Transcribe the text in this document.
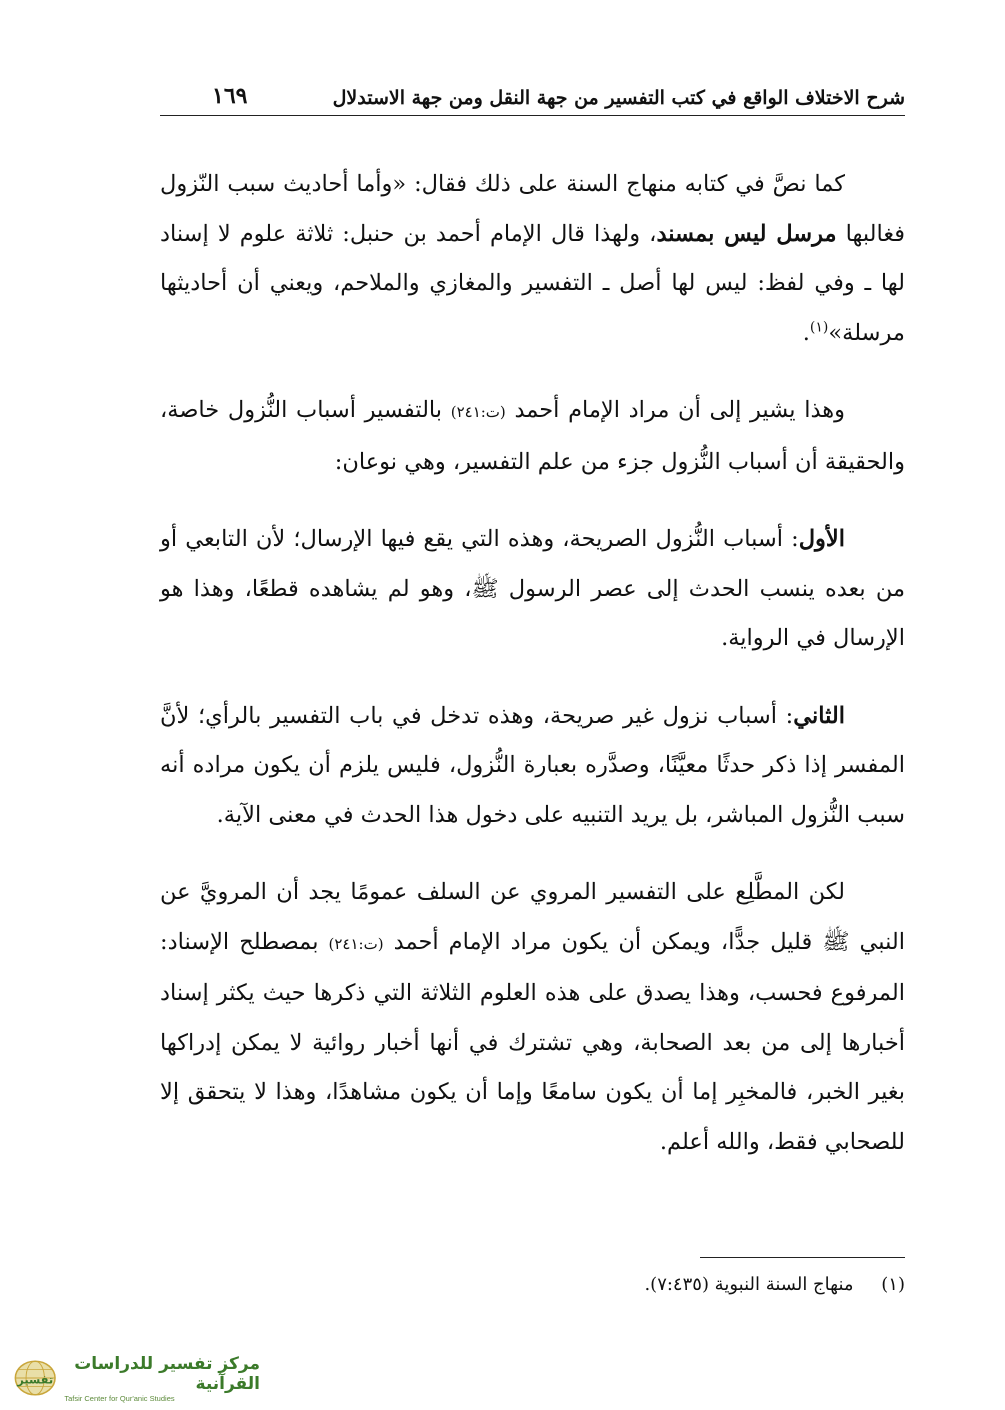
شرح الاختلاف الواقع في كتب التفسير من جهة النقل ومن جهة الاستدلال
١٦٩

كما نصَّ في كتابه منهاج السنة على ذلك فقال: «وأما أحاديث سبب النّزول فغالبها مرسل ليس بمسند، ولهذا قال الإمام أحمد بن حنبل: ثلاثة علوم لا إسناد لها ـ وفي لفظ: ليس لها أصل ـ التفسير والمغازي والملاحم، ويعني أن أحاديثها مرسلة»$^{(١)}$.

وهذا يشير إلى أن مراد الإمام أحمد (ت:٢٤١) بالتفسير أسباب النُّزول خاصة، والحقيقة أن أسباب النُّزول جزء من علم التفسير، وهي نوعان:

الأول: أسباب النُّزول الصريحة، وهذه التي يقع فيها الإرسال؛ لأن التابعي أو من بعده ينسب الحدث إلى عصر الرسول ﷺ، وهو لم يشاهده قطعًا، وهذا هو الإرسال في الرواية.

الثاني: أسباب نزول غير صريحة، وهذه تدخل في باب التفسير بالرأي؛ لأنَّ المفسر إذا ذكر حدثًا معيَّنًا، وصدَّره بعبارة النُّزول، فليس يلزم أن يكون مراده أنه سبب النُّزول المباشر، بل يريد التنبيه على دخول هذا الحدث في معنى الآية.

لكن المطَّلِع على التفسير المروي عن السلف عمومًا يجد أن المرويَّ عن النبي ﷺ قليل جدًّا، ويمكن أن يكون مراد الإمام أحمد (ت:٢٤١) بمصطلح الإسناد: المرفوع فحسب، وهذا يصدق على هذه العلوم الثلاثة التي ذكرها حيث يكثر إسناد أخبارها إلى من بعد الصحابة، وهي تشترك في أنها أخبار روائية لا يمكن إدراكها بغير الخبر، فالمخبِر إما أن يكون سامعًا وإما أن يكون مشاهدًا، وهذا لا يتحقق إلا للصحابي فقط، والله أعلم.

(١) منهاج السنة النبوية (٧:٤٣٥).
تفسير
مركز تفسير للدراسات القرآنية
Tafsir Center for Qur'anic Studies
